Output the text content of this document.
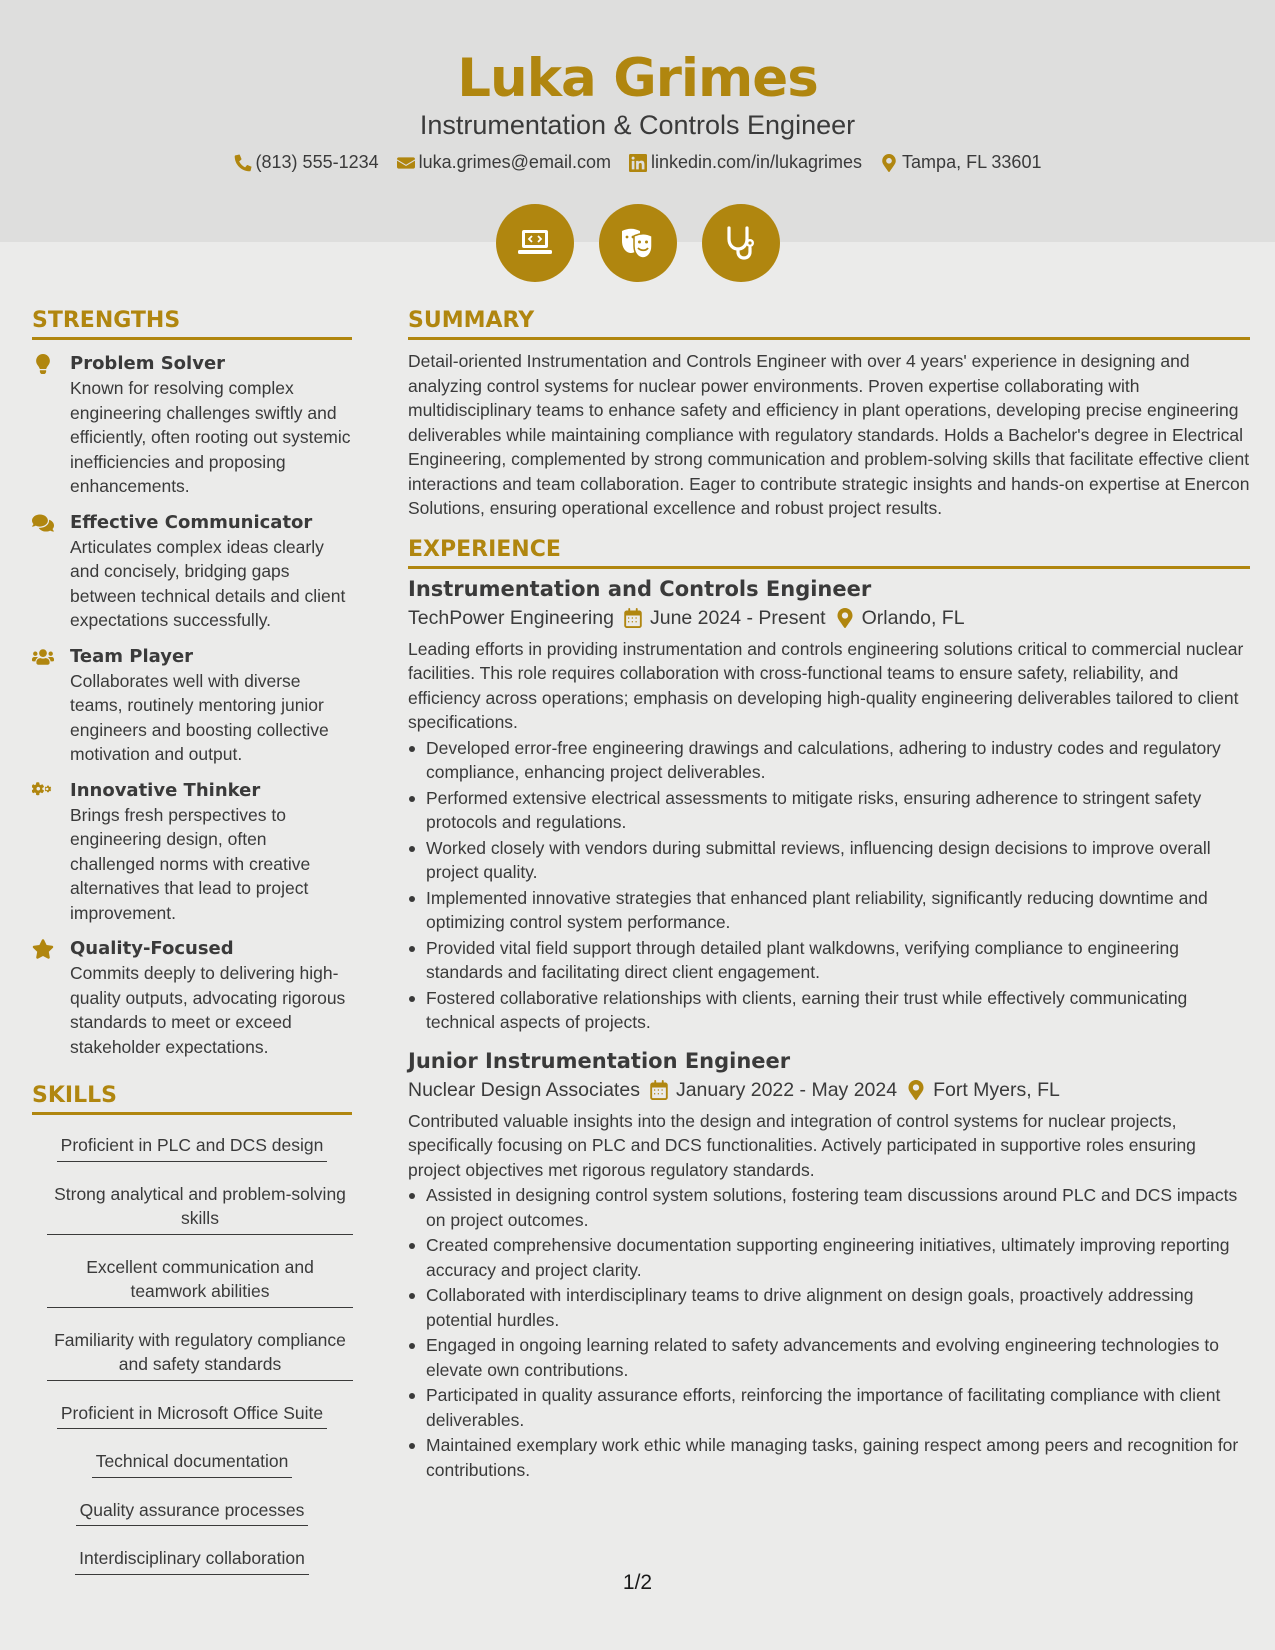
Luka Grimes
Instrumentation & Controls Engineer
(813) 555-1234 luka.grimes@email.com linkedin.com/in/lukagrimes Tampa, FL 33601
STRENGTHS
Problem Solver
Known for resolving complex engineering challenges swiftly and efficiently, often rooting out systemic inefficiencies and proposing enhancements.
Effective Communicator
Articulates complex ideas clearly and concisely, bridging gaps between technical details and client expectations successfully.
Team Player
Collaborates well with diverse teams, routinely mentoring junior engineers and boosting collective motivation and output.
Innovative Thinker
Brings fresh perspectives to engineering design, often challenged norms with creative alternatives that lead to project improvement.
Quality-Focused
Commits deeply to delivering high-quality outputs, advocating rigorous standards to meet or exceed stakeholder expectations.
SKILLS
Proficient in PLC and DCS design
Strong analytical and problem-solving skills
Excellent communication and teamwork abilities
Familiarity with regulatory compliance and safety standards
Proficient in Microsoft Office Suite
Technical documentation
Quality assurance processes
Interdisciplinary collaboration
SUMMARY
Detail-oriented Instrumentation and Controls Engineer with over 4 years' experience in designing and analyzing control systems for nuclear power environments. Proven expertise collaborating with multidisciplinary teams to enhance safety and efficiency in plant operations, developing precise engineering deliverables while maintaining compliance with regulatory standards. Holds a Bachelor's degree in Electrical Engineering, complemented by strong communication and problem-solving skills that facilitate effective client interactions and team collaboration. Eager to contribute strategic insights and hands-on expertise at Enercon Solutions, ensuring operational excellence and robust project results.
EXPERIENCE
Instrumentation and Controls Engineer
TechPower Engineering June 2024 - Present Orlando, FL
Leading efforts in providing instrumentation and controls engineering solutions critical to commercial nuclear facilities. This role requires collaboration with cross-functional teams to ensure safety, reliability, and efficiency across operations; emphasis on developing high-quality engineering deliverables tailored to client specifications.
Developed error-free engineering drawings and calculations, adhering to industry codes and regulatory compliance, enhancing project deliverables.
Performed extensive electrical assessments to mitigate risks, ensuring adherence to stringent safety protocols and regulations.
Worked closely with vendors during submittal reviews, influencing design decisions to improve overall project quality.
Implemented innovative strategies that enhanced plant reliability, significantly reducing downtime and optimizing control system performance.
Provided vital field support through detailed plant walkdowns, verifying compliance to engineering standards and facilitating direct client engagement.
Fostered collaborative relationships with clients, earning their trust while effectively communicating technical aspects of projects.
Junior Instrumentation Engineer
Nuclear Design Associates January 2022 - May 2024 Fort Myers, FL
Contributed valuable insights into the design and integration of control systems for nuclear projects, specifically focusing on PLC and DCS functionalities. Actively participated in supportive roles ensuring project objectives met rigorous regulatory standards.
Assisted in designing control system solutions, fostering team discussions around PLC and DCS impacts on project outcomes.
Created comprehensive documentation supporting engineering initiatives, ultimately improving reporting accuracy and project clarity.
Collaborated with interdisciplinary teams to drive alignment on design goals, proactively addressing potential hurdles.
Engaged in ongoing learning related to safety advancements and evolving engineering technologies to elevate own contributions.
Participated in quality assurance efforts, reinforcing the importance of facilitating compliance with client deliverables.
Maintained exemplary work ethic while managing tasks, gaining respect among peers and recognition for contributions.
1/2
